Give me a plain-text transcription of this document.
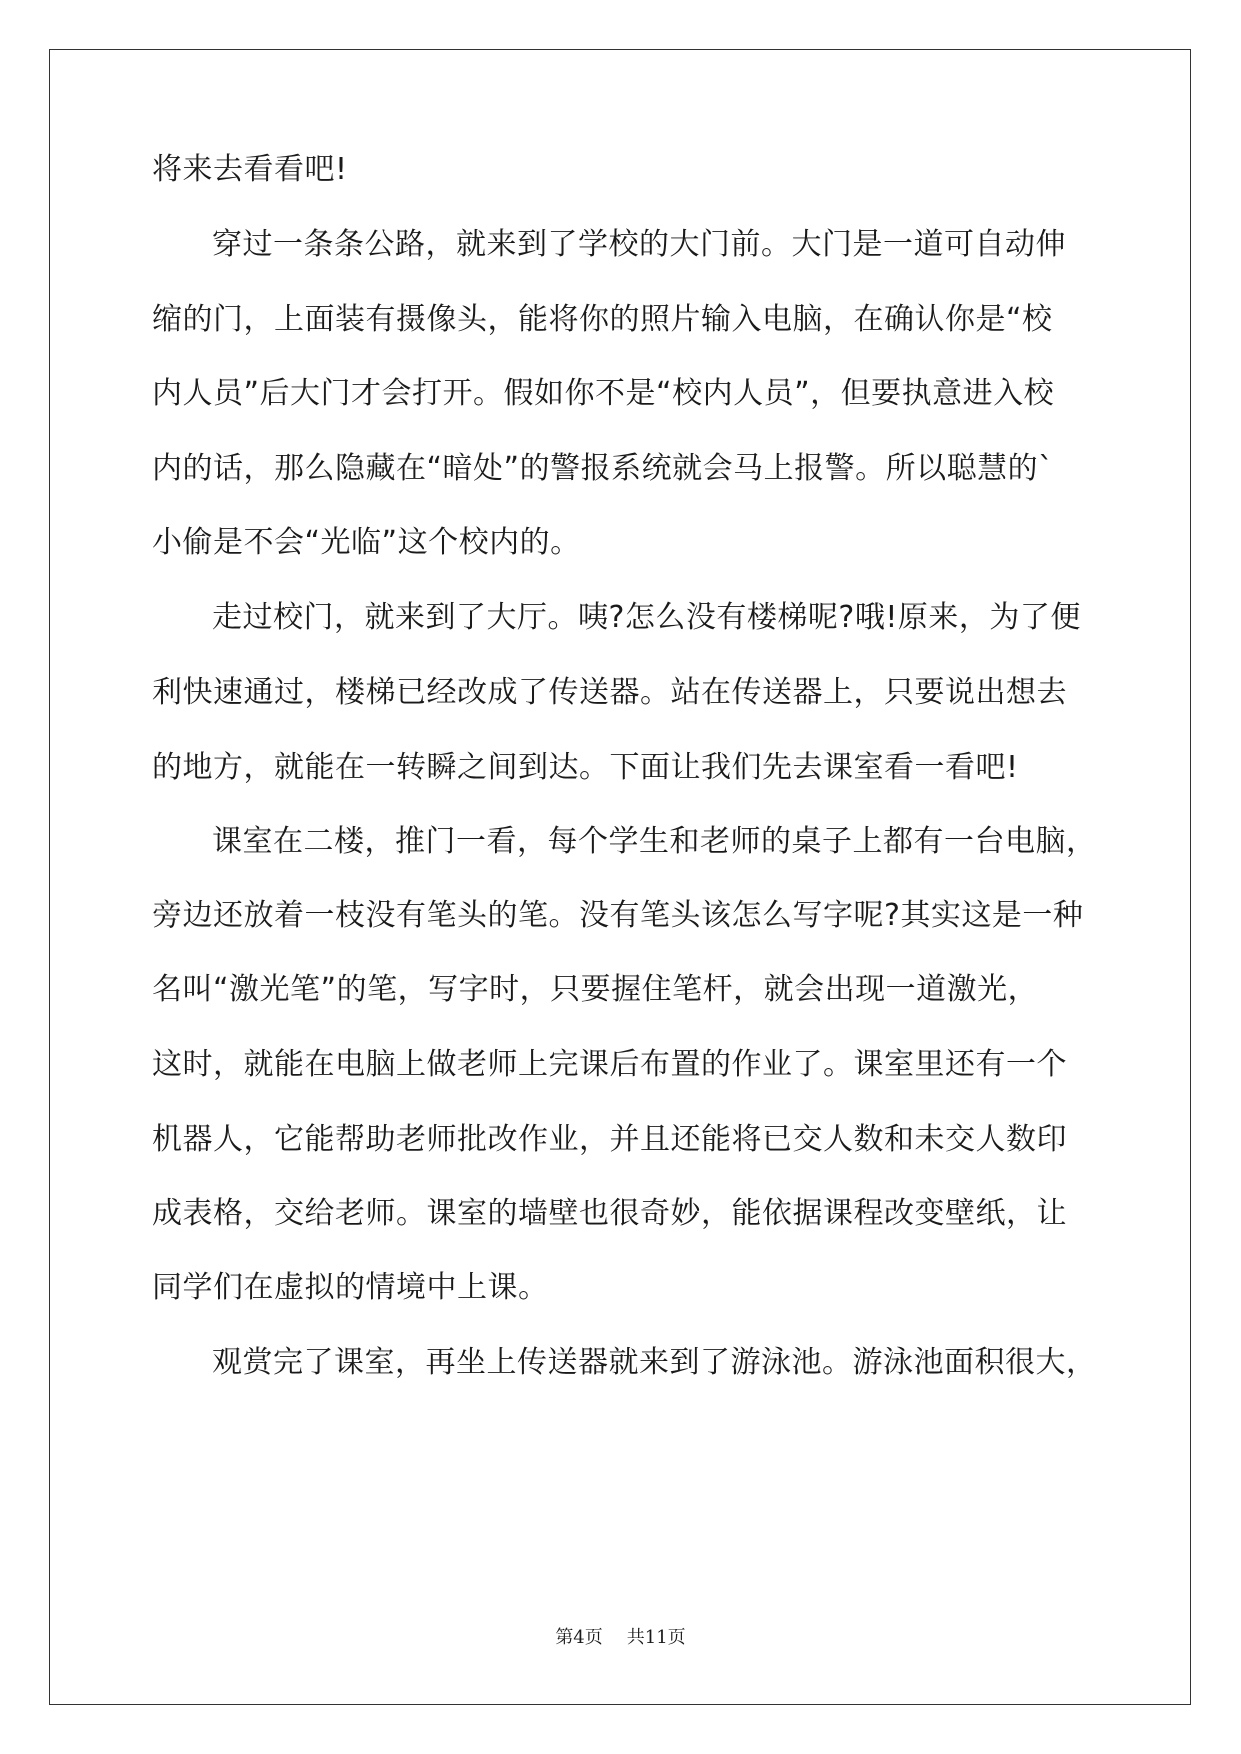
将来去看看吧!
穿过一条条公路，就来到了学校的大门前。大门是一道可自动伸
缩的门，上面装有摄像头，能将你的照片输入电脑，在确认你是“校
内人员”后大门才会打开。假如你不是“校内人员”，但要执意进入校
内的话，那么隐藏在“暗处”的警报系统就会马上报警。所以聪慧的`
小偷是不会“光临”这个校内的。
走过校门，就来到了大厅。咦?怎么没有楼梯呢?哦!原来，为了便
利快速通过，楼梯已经改成了传送器。站在传送器上，只要说出想去
的地方，就能在一转瞬之间到达。下面让我们先去课室看一看吧!
课室在二楼，推门一看，每个学生和老师的桌子上都有一台电脑，
旁边还放着一枝没有笔头的笔。没有笔头该怎么写字呢?其实这是一种
名叫“激光笔”的笔，写字时，只要握住笔杆，就会出现一道激光，
这时，就能在电脑上做老师上完课后布置的作业了。课室里还有一个
机器人，它能帮助老师批改作业，并且还能将已交人数和未交人数印
成表格，交给老师。课室的墙壁也很奇妙，能依据课程改变壁纸，让
同学们在虚拟的情境中上课。
观赏完了课室，再坐上传送器就来到了游泳池。游泳池面积很大，
第4页 共11页
